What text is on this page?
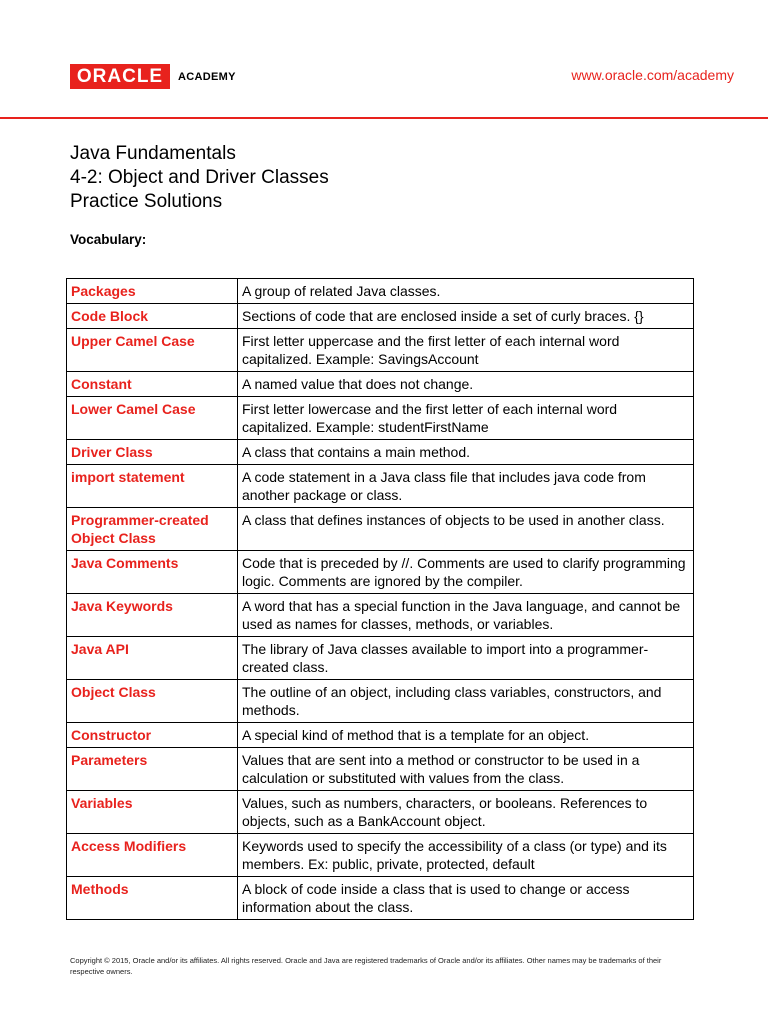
ORACLE ACADEMY	www.oracle.com/academy
Java Fundamentals
4-2: Object and Driver Classes
Practice Solutions
Vocabulary:
Packages	A group of related Java classes.
Code Block	Sections of code that are enclosed inside a set of curly braces. {}
Upper Camel Case	First letter uppercase and the first letter of each internal word capitalized. Example: SavingsAccount
Constant	A named value that does not change.
Lower Camel Case	First letter lowercase and the first letter of each internal word capitalized. Example: studentFirstName
Driver Class	A class that contains a main method.
import statement	A code statement in a Java class file that includes java code from another package or class.
Programmer-created Object Class	A class that defines instances of objects to be used in another class.
Java Comments	Code that is preceded by //. Comments are used to clarify programming logic. Comments are ignored by the compiler.
Java Keywords	A word that has a special function in the Java language, and cannot be used as names for classes, methods, or variables.
Java API	The library of Java classes available to import into a programmer-created class.
Object Class	The outline of an object, including class variables, constructors, and methods.
Constructor	A special kind of method that is a template for an object.
Parameters	Values that are sent into a method or constructor to be used in a calculation or substituted with values from the class.
Variables	Values, such as numbers, characters, or booleans. References to objects, such as a BankAccount object.
Access Modifiers	Keywords used to specify the accessibility of a class (or type) and its members. Ex: public, private, protected, default
Methods	A block of code inside a class that is used to change or access information about the class.
Copyright © 2015, Oracle and/or its affiliates. All rights reserved. Oracle and Java are registered trademarks of Oracle and/or its affiliates. Other names may be trademarks of their respective owners.
